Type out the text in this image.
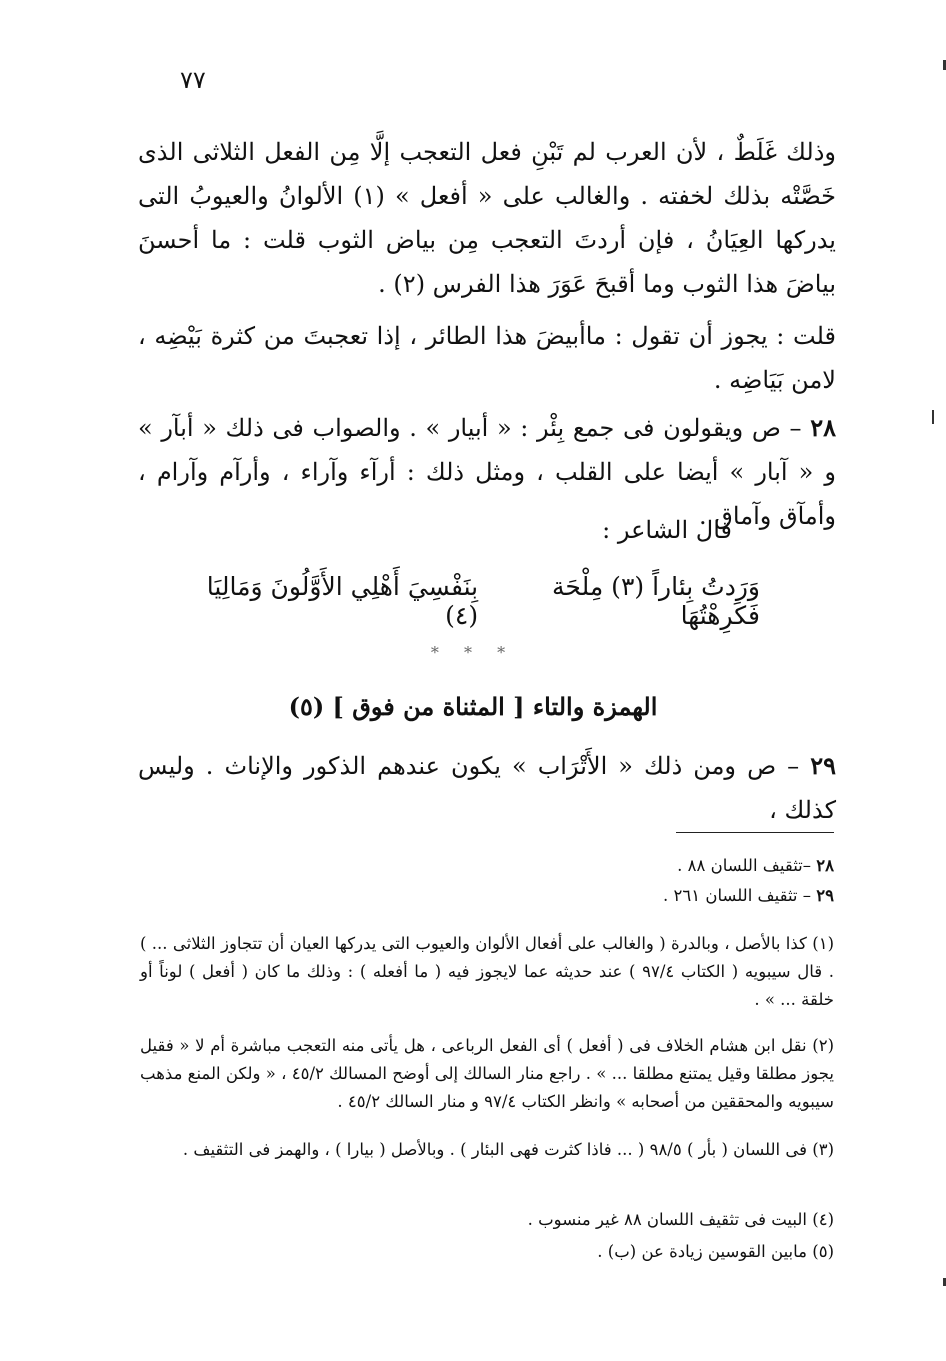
٧٧

وذلك غَلَطٌ ، لأن العرب لم تَبْنِ فعل التعجب إلَّا مِن الفعل الثلاثى الذى خَصَّتْه بذلك لخفته . والغالب على « أفعل » (١) الألوانُ والعيوبُ التى يدركها العِيَانُ ، فإن أردتَ التعجب مِن بياض الثوب قلت : ما أحسنَ بياضَ هذا الثوب وما أقبحَ عَوَرَ هذا الفرس (٢) .

قلت : يجوز أن تقول : ماأبيضَ هذا الطائر ، إذا تعجبتَ من كثرة بَيْضِه ، لامن بَيَاضِه .

٢٨ – ص ويقولون فى جمع بِئْر : « أبيار » . والصواب فى ذلك « أبآر » و « آبار » أيضا على القلب ، ومثل ذلك : أرآء وآراء ، وأرآم وآرام ، وأمآق وآماق .

قال الشاعر :
وَرَدتُ بِئاراً (٣) مِلْحَة فَكَرِهْتُهَا
بِنَفْسِيَ أَهْلِي الأَوَّلُونَ وَمَالِيَا (٤)
* * *
الهمزة والتاء [ المثناة من فوق ] (٥)

٢٩ – ص ومن ذلك « الأَتْرَاب » يكون عندهم الذكور والإناث . وليس كذلك ،

٢٨ –تثقيف اللسان ٨٨ .

٢٩ – تثقيف اللسان ٢٦١ .

(١) كذا بالأصل ، وبالدرة ( والغالب على أفعال الألوان والعيوب التى يدركها العيان أن تتجاوز الثلاثى ... ) . قال سيبويه ( الكتاب ٩٧/٤ ) عند حديثه عما لايجوز فيه ( ما أفعله ) : وذلك ما كان ( أفعل ) لوناً أو خلقة ... » .

(٢) نقل ابن هشام الخلاف فى ( أفعل ) أى الفعل الرباعى ، هل يأتى منه التعجب مباشرة أم لا « فقيل يجوز مطلقا وقيل يمتنع مطلقا ... » . راجع منار السالك إلى أوضح المسالك ٤٥/٢ ، « ولكن المنع مذهب سيبويه والمحققين من أصحابه » وانظر الكتاب ٩٧/٤ و منار السالك ٤٥/٢ .

(٣) فى اللسان ( بأر ) ٩٨/٥ ( ... فاذا كثرت فهى البئار ) . وبالأصل ( بيارا ) ، والهمز فى التثقيف .

(٤) البيت فى تثقيف اللسان ٨٨ غير منسوب .

(٥) مابين القوسين زيادة عن (ب) .
